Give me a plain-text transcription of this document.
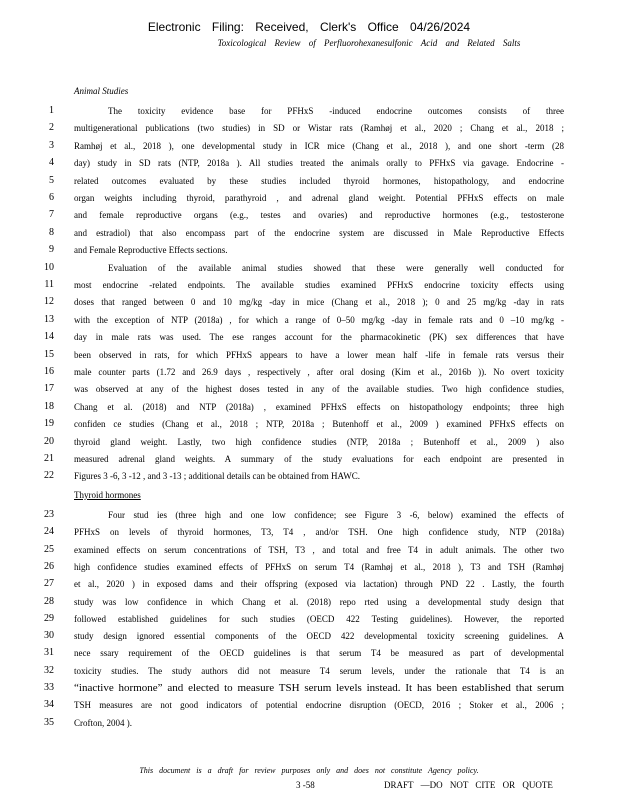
Electronic Filing: Received, Clerk's Office 04/26/2024
Toxicological Review of Perfluorohexanesulfonic Acid and Related Salts
Animal Studies
Thyroid hormones
1	The toxicity evidence base for PFHxS -induced endocrine outcomes consists of three
2 multigenerational publications (two studies) in SD or Wistar rats (Ramhøj et al., 2020 ; Chang et al., 2018 ;
3 Ramhøj et al., 2018 ), one developmental study in ICR mice (Chang et al., 2018 ), and one short -term (28
4 day) study in SD rats (NTP, 2018a ). All studies treated the animals orally to PFHxS via gavage. Endocrine -
5 related outcomes evaluated by these studies included thyroid hormones, histopathology, and endocrine
6 organ weights including thyroid, parathyroid , and adrenal gland weight. Potential PFHxS effects on male
7 and female reproductive organs (e.g., testes and ovaries) and reproductive hormones (e.g., testosterone
8 and estradiol) that also encompass part of the endocrine system are discussed in Male Reproductive Effects
9 and Female Reproductive Effects sections.
10	Evaluation of the available animal studies showed that these were generally well conducted for
11 most endocrine -related endpoints. The available studies examined PFHxS endocrine toxicity effects using
12 doses that ranged between 0 and 10 mg/kg -day in mice (Chang et al., 2018 ); 0 and 25 mg/kg -day in rats
13 with the exception of NTP (2018a) , for which a range of 0–50 mg/kg -day in female rats and 0 –10 mg/kg -
14 day in male rats was used. The ese ranges account for the pharmacokinetic (PK) sex differences that have
15 been observed in rats, for which PFHxS appears to have a lower mean half -life in female rats versus their
16 male counter parts (1.72 and 26.9 days , respectively , after oral dosing (Kim et al., 2016b )). No overt toxicity
17 was observed at any of the highest doses tested in any of the available studies. Two high confidence studies,
18 Chang et al. (2018) and NTP (2018a) , examined PFHxS effects on histopathology endpoints; three high
19 confiden ce studies (Chang et al., 2018 ; NTP, 2018a ; Butenhoff et al., 2009 ) examined PFHxS effects on
20 thyroid gland weight. Lastly, two high confidence studies (NTP, 2018a ; Butenhoff et al., 2009 ) also
21 measured adrenal gland weights. A summary of the study evaluations for each endpoint are presented in
22 Figures 3 -6, 3 -12 , and 3 -13 ; additional details can be obtained from HAWC.
23	Four stud ies (three high and one low confidence; see Figure 3 -6, below) examined the effects of
24 PFHxS on levels of thyroid hormones, T3, T4 , and/or TSH. One high confidence study, NTP (2018a)
25 examined effects on serum concentrations of TSH, T3 , and total and free T4 in adult animals. The other two
26 high confidence studies examined effects of PFHxS on serum T4 (Ramhøj et al., 2018 ), T3 and TSH (Ramhøj
27 et al., 2020 ) in exposed dams and their offspring (exposed via lactation) through PND 22 . Lastly, the fourth
28 study was low confidence in which Chang et al. (2018) repo rted using a developmental study design that
29 followed established guidelines for such studies (OECD 422 Testing guidelines). However, the reported
30 study design ignored essential components of the OECD 422 developmental toxicity screening guidelines. A
31 nece ssary requirement of the OECD guidelines is that serum T4 be measured as part of developmental
32 toxicity studies. The study authors did not measure T4 serum levels, under the rationale that T4 is an
33 “inactive hormone” and elected to measure TSH serum levels instead. It has been established that serum
34 TSH measures are not good indicators of potential endocrine disruption (OECD, 2016 ; Stoker et al., 2006 ;
35 Crofton, 2004 ).
This document is a draft for review purposes only and does not constitute Agency policy.
3 -58	DRAFT —DO NOT CITE OR QUOTE
